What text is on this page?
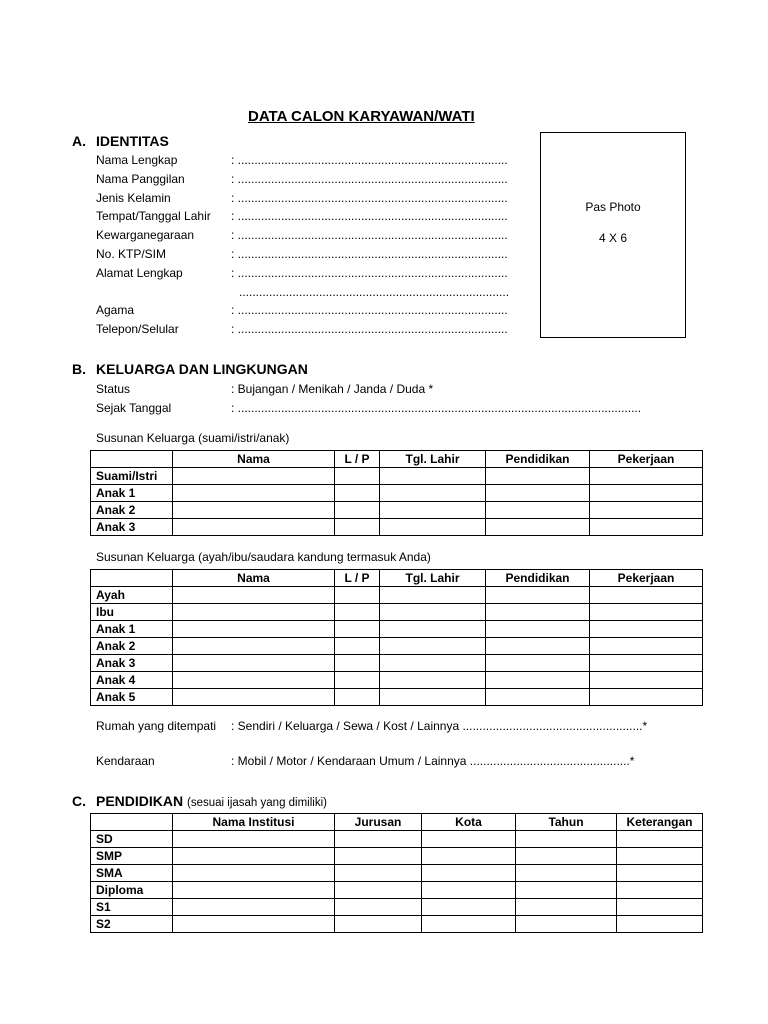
DATA CALON KARYAWAN/WATI
A. IDENTITAS
Nama Lengkap	: .................................................................................
Nama Panggilan	: .................................................................................
Jenis Kelamin	: .................................................................................
Tempat/Tanggal Lahir : .................................................................................
Kewarganegaraan	: .................................................................................
No. KTP/SIM	: .................................................................................
Alamat Lengkap	: .................................................................................
.................................................................................
Agama	: .................................................................................
Telepon/Selular	: .................................................................................
Pas Photo
4 X 6
B. KELUARGA DAN LINGKUNGAN
Status	: Bujangan / Menikah / Janda / Duda *
Sejak Tanggal	: .........................................................................................................................
Susunan Keluarga (suami/istri/anak)
	Nama	L / P	Tgl. Lahir	Pendidikan	Pekerjaan
Suami/Istri					
Anak 1					
Anak 2					
Anak 3					
Susunan Keluarga (ayah/ibu/saudara kandung termasuk Anda)
	Nama	L / P	Tgl. Lahir	Pendidikan	Pekerjaan
Ayah					
Ibu					
Anak 1					
Anak 2					
Anak 3					
Anak 4					
Anak 5					
Rumah yang ditempati : Sendiri / Keluarga / Sewa / Kost / Lainnya ......................................................*
Kendaraan	: Mobil / Motor / Kendaraan Umum / Lainnya ................................................*
C. PENDIDIKAN (sesuai ijasah yang dimiliki)
	Nama Institusi	Jurusan	Kota	Tahun	Keterangan
SD					
SMP					
SMA					
Diploma					
S1					
S2					
